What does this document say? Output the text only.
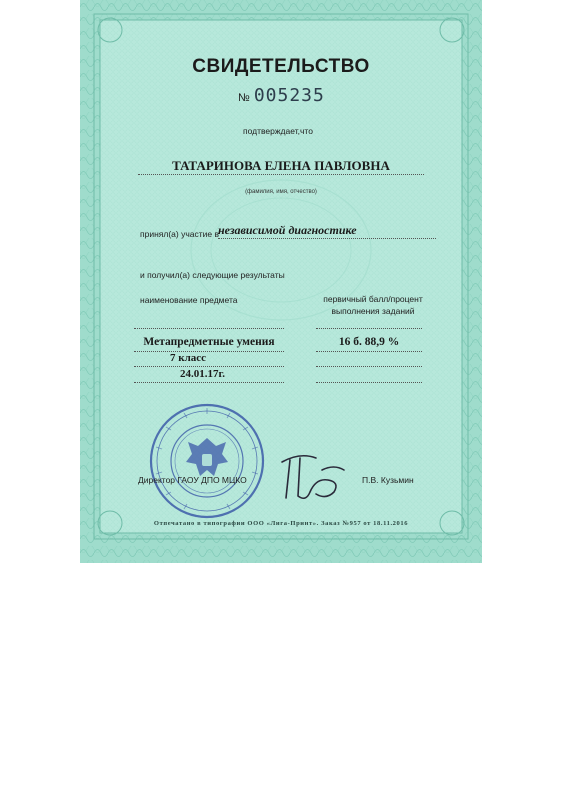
СВИДЕТЕЛЬСТВО
№ 005235
подтверждает,что
ТАТАРИНОВА ЕЛЕНА ПАВЛОВНА
(фамилия, имя, отчество)
принял(а) участие в независимой диагностике
и получил(а) следующие результаты
наименование предмета	первичный балл/процент
выполнения заданий
Метапредметные умения	16 б. 88,9 %
7 класс
24.01.17г.
Директор ГАОУ ДПО МЦКО	П.В. Кузьмин
Отпечатано в типографии ООО «Лига-Принт». Заказ №957 от 18.11.2016
